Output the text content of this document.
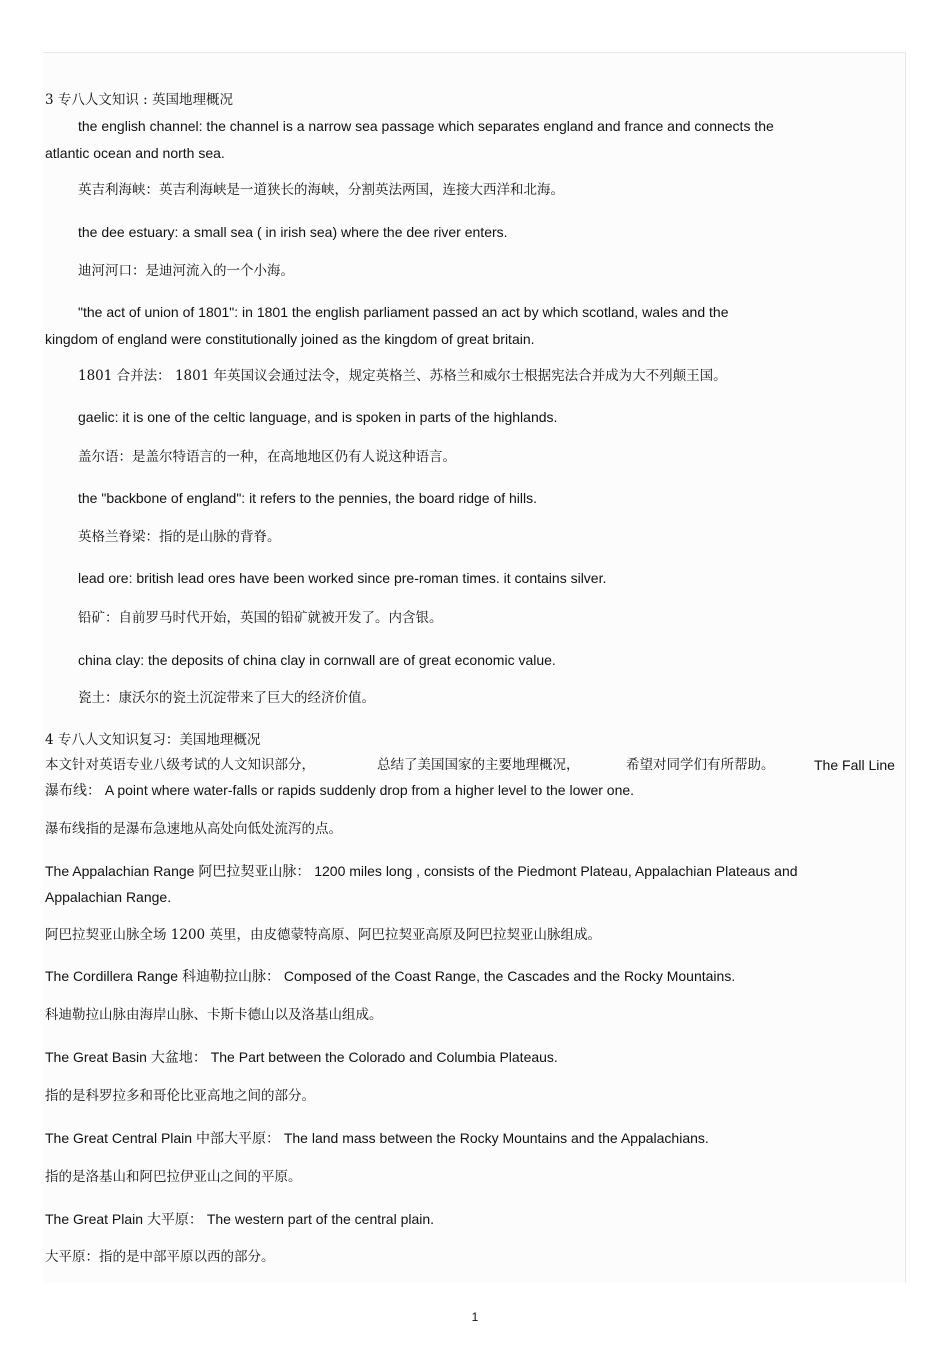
3 专八人文知识 : 英国地理概况
the english channel: the channel is a narrow sea passage which separates england and france and connects the
atlantic ocean and north sea.
英吉利海峡：英吉利海峡是一道狭长的海峡，分割英法两国，连接大西洋和北海。
the dee estuary: a small sea ( in irish sea) where the dee river enters.
迪河河口：是迪河流入的一个小海。
"the act of union of 1801": in 1801 the english parliament passed an act by which scotland, wales and the
kingdom of england were constitutionally joined as the kingdom of great britain.
1801 合并法： 1801 年英国议会通过法令，规定英格兰、苏格兰和威尔士根据宪法合并成为大不列颠王国。
gaelic: it is one of the celtic language, and is spoken in parts of the highlands.
盖尔语：是盖尔特语言的一种，在高地地区仍有人说这种语言。
the "backbone of england": it refers to the pennies, the board ridge of hills.
英格兰脊梁：指的是山脉的背脊。
lead ore: british lead ores have been worked since pre-roman times. it contains silver.
铅矿：自前罗马时代开始，英国的铅矿就被开发了。内含银。
china clay: the deposits of china clay in cornwall are of great economic value.
瓷土：康沃尔的瓷土沉淀带来了巨大的经济价值。
4 专八人文知识复习：美国地理概况
本文针对英语专业八级考试的人文知识部分，	总结了美国国家的主要地理概况，	希望对同学们有所帮助。	The Fall Line
瀑布线： A point where water-falls or rapids suddenly drop from a higher level to the lower one.
瀑布线指的是瀑布急速地从高处向低处流泻的点。
The Appalachian Range 阿巴拉契亚山脉： 1200 miles long , consists of the Piedmont Plateau, Appalachian Plateaus and
Appalachian Range.
阿巴拉契亚山脉全场 1200 英里，由皮德蒙特高原、阿巴拉契亚高原及阿巴拉契亚山脉组成。
The Cordillera Range 科迪勒拉山脉： Composed of the Coast Range, the Cascades and the Rocky Mountains.
科迪勒拉山脉由海岸山脉、卡斯卡德山以及洛基山组成。
The Great Basin 大盆地： The Part between the Colorado and Columbia Plateaus.
指的是科罗拉多和哥伦比亚高地之间的部分。
The Great Central Plain 中部大平原： The land mass between the Rocky Mountains and the Appalachians.
指的是洛基山和阿巴拉伊亚山之间的平原。
The Great Plain 大平原： The western part of the central plain.
大平原：指的是中部平原以西的部分。
1
